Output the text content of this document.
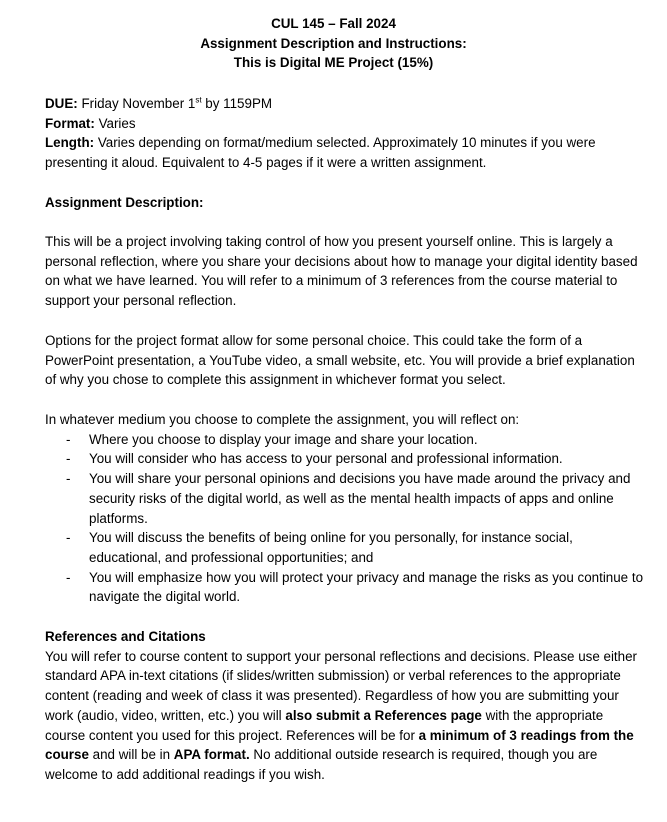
CUL 145 – Fall 2024
Assignment Description and Instructions:
This is Digital ME Project (15%)

DUE: Friday November 1st by 1159PM

Format: Varies

Length: Varies depending on format/medium selected. Approximately 10 minutes if you were presenting it aloud. Equivalent to 4-5 pages if it were a written assignment.

Assignment Description:

This will be a project involving taking control of how you present yourself online. This is largely a personal reflection, where you share your decisions about how to manage your digital identity based on what we have learned. You will refer to a minimum of 3 references from the course material to support your personal reflection.

Options for the project format allow for some personal choice. This could take the form of a PowerPoint presentation, a YouTube video, a small website, etc. You will provide a brief explanation of why you chose to complete this assignment in whichever format you select.

In whatever medium you choose to complete the assignment, you will reflect on:

- Where you choose to display your image and share your location.
- You will consider who has access to your personal and professional information.
- You will share your personal opinions and decisions you have made around the privacy and security risks of the digital world, as well as the mental health impacts of apps and online platforms.
- You will discuss the benefits of being online for you personally, for instance social, educational, and professional opportunities; and
- You will emphasize how you will protect your privacy and manage the risks as you continue to navigate the digital world.

References and Citations

You will refer to course content to support your personal reflections and decisions. Please use either standard APA in-text citations (if slides/written submission) or verbal references to the appropriate content (reading and week of class it was presented). Regardless of how you are submitting your work (audio, video, written, etc.) you will also submit a References page with the appropriate course content you used for this project. References will be for a minimum of 3 readings from the course and will be in APA format. No additional outside research is required, though you are welcome to add additional readings if you wish.
